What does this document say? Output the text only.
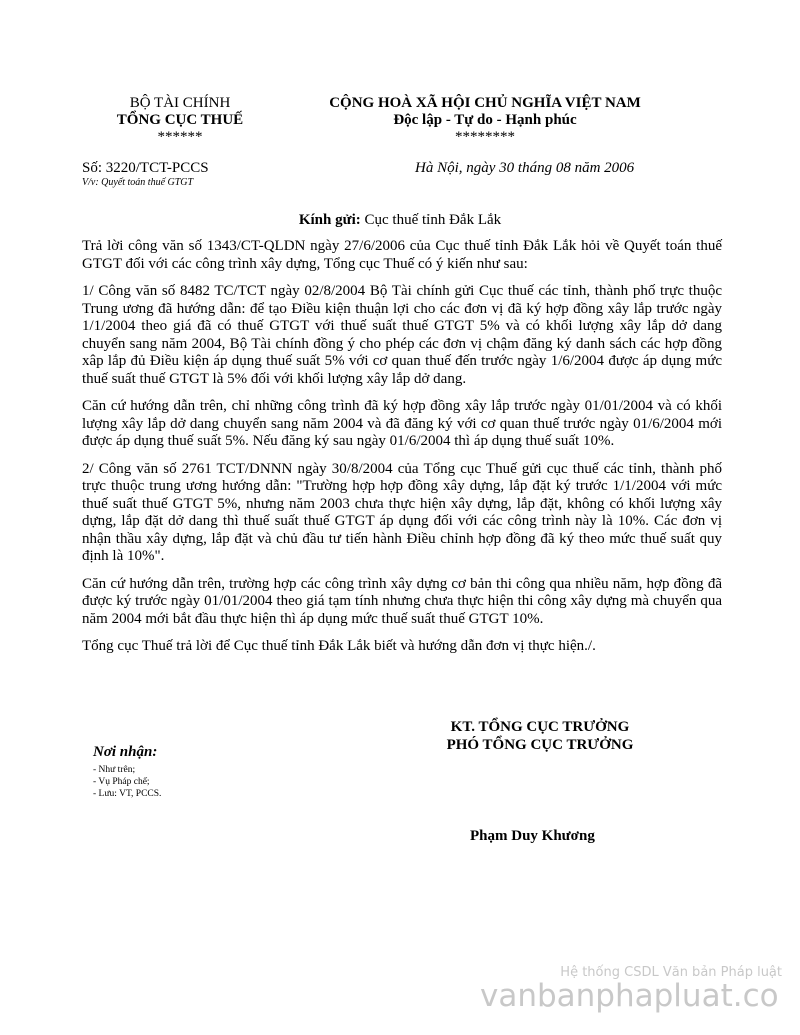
BỘ TÀI CHÍNH
TỔNG CỤC THUẾ
******
CỘNG HOÀ XÃ HỘI CHỦ NGHĨA VIỆT NAM
Độc lập - Tự do - Hạnh phúc
********
Số: 3220/TCT-PCCS
V/v: Quyết toán thuế GTGT
Hà Nội, ngày 30 tháng 08 năm 2006
Kính gửi: Cục thuế tỉnh Đắk Lắk

Trả lời công văn số 1343/CT-QLDN ngày 27/6/2006 của Cục thuế tỉnh Đắk Lắk hỏi về Quyết toán thuế GTGT đối với các công trình xây dựng, Tổng cục Thuế có ý kiến như sau:

1/ Công văn số 8482 TC/TCT ngày 02/8/2004 Bộ Tài chính gửi Cục thuế các tỉnh, thành phố trực thuộc Trung ương đã hướng dẫn: để tạo Điều kiện thuận lợi cho các đơn vị đã ký hợp đồng xây lắp trước ngày 1/1/2004 theo giá đã có thuế GTGT với thuế suất thuế GTGT 5% và có khối lượng xây lắp dở dang chuyển sang năm 2004, Bộ Tài chính đồng ý cho phép các đơn vị chậm đăng ký danh sách các hợp đồng xâp lắp đủ Điều kiện áp dụng thuế suất 5% với cơ quan thuế đến trước ngày 1/6/2004 được áp dụng mức thuế suất thuế GTGT là 5% đối với khối lượng xây lắp dở dang.

Căn cứ hướng dẫn trên, chỉ những công trình đã ký hợp đồng xây lắp trước ngày 01/01/2004 và có khối lượng xây lắp dở dang chuyển sang năm 2004 và đã đăng ký với cơ quan thuế trước ngày 01/6/2004 mới được áp dụng thuế suất 5%. Nếu đăng ký sau ngày 01/6/2004 thì áp dụng thuế suất 10%.

2/ Công văn số 2761 TCT/DNNN ngày 30/8/2004 của Tổng cục Thuế gửi cục thuế các tỉnh, thành phố trực thuộc trung ương hướng dẫn: "Trường hợp hợp đồng xây dựng, lắp đặt ký trước 1/1/2004 với mức thuế suất thuế GTGT 5%, nhưng năm 2003 chưa thực hiện xây dựng, lắp đặt, không có khối lượng xây dựng, lắp đặt dở dang thì thuế suất thuế GTGT áp dụng đối với các công trình này là 10%. Các đơn vị nhận thầu xây dựng, lắp đặt và chủ đầu tư tiến hành Điều chỉnh hợp đồng đã ký theo mức thuế suất quy định là 10%".

Căn cứ hướng dẫn trên, trường hợp các công trình xây dựng cơ bản thi công qua nhiều năm, hợp đồng đã được ký trước ngày 01/01/2004 theo giá tạm tính nhưng chưa thực hiện thi công xây dựng mà chuyển qua năm 2004 mới bắt đầu thực hiện thì áp dụng mức thuế suất thuế GTGT 10%.

Tổng cục Thuế trả lời để Cục thuế tỉnh Đắk Lắk biết và hướng dẫn đơn vị thực hiện./.

KT. TỔNG CỤC TRƯỞNG
PHÓ TỔNG CỤC TRƯỞNG
Nơi nhận:
- Như trên;
- Vụ Pháp chế;
- Lưu: VT, PCCS.
Phạm Duy Khương
Hệ thống CSDL Văn bản Pháp luật
vanbanphapluat.co
